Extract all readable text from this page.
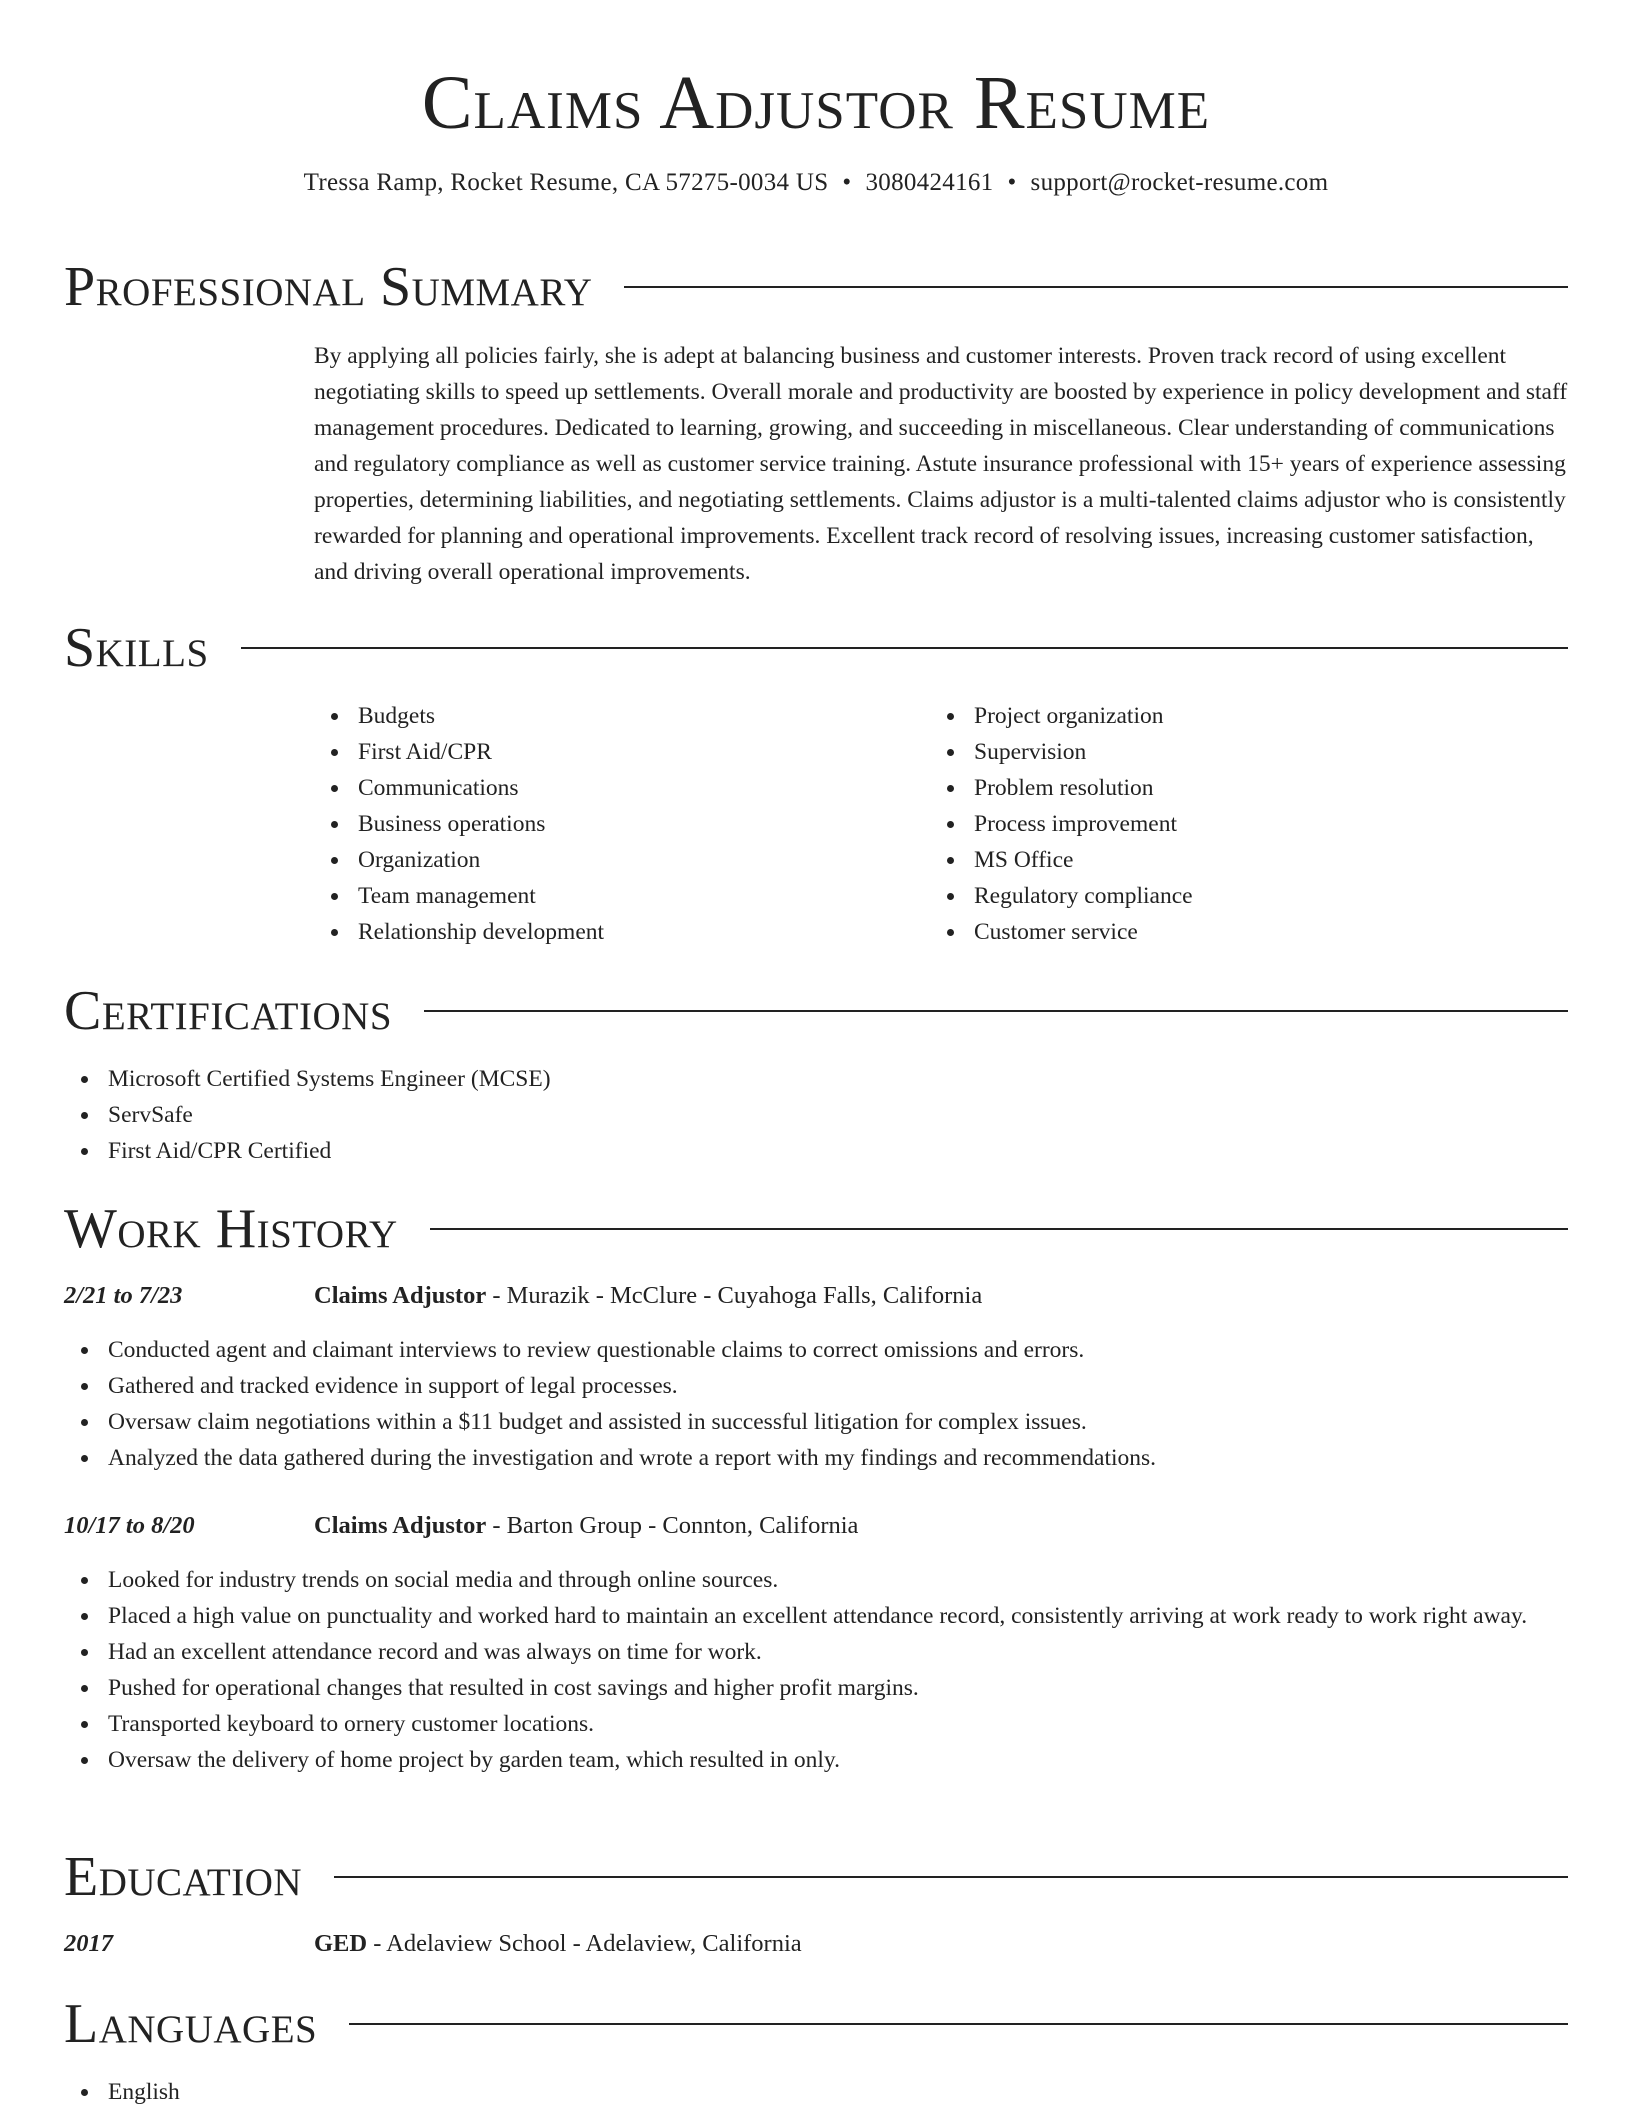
Claims Adjustor Resume
Tressa Ramp, Rocket Resume, CA 57275-0034 US • 3080424161 • support@rocket-resume.com
Professional Summary
By applying all policies fairly, she is adept at balancing business and customer interests. Proven track record of using excellent negotiating skills to speed up settlements. Overall morale and productivity are boosted by experience in policy development and staff management procedures. Dedicated to learning, growing, and succeeding in miscellaneous. Clear understanding of communications and regulatory compliance as well as customer service training. Astute insurance professional with 15+ years of experience assessing properties, determining liabilities, and negotiating settlements. Claims adjustor is a multi-talented claims adjustor who is consistently rewarded for planning and operational improvements. Excellent track record of resolving issues, increasing customer satisfaction, and driving overall operational improvements.
Skills
Budgets
First Aid/CPR
Communications
Business operations
Organization
Team management
Relationship development
Project organization
Supervision
Problem resolution
Process improvement
MS Office
Regulatory compliance
Customer service
Certifications
Microsoft Certified Systems Engineer (MCSE)
ServSafe
First Aid/CPR Certified
Work History
2/21 to 7/23	Claims Adjustor - Murazik - McClure - Cuyahoga Falls, California
Conducted agent and claimant interviews to review questionable claims to correct omissions and errors.
Gathered and tracked evidence in support of legal processes.
Oversaw claim negotiations within a $11 budget and assisted in successful litigation for complex issues.
Analyzed the data gathered during the investigation and wrote a report with my findings and recommendations.
10/17 to 8/20	Claims Adjustor - Barton Group - Connton, California
Looked for industry trends on social media and through online sources.
Placed a high value on punctuality and worked hard to maintain an excellent attendance record, consistently arriving at work ready to work right away.
Had an excellent attendance record and was always on time for work.
Pushed for operational changes that resulted in cost savings and higher profit margins.
Transported keyboard to ornery customer locations.
Oversaw the delivery of home project by garden team, which resulted in only.
Education
2017	GED - Adelaview School - Adelaview, California
Languages
English
